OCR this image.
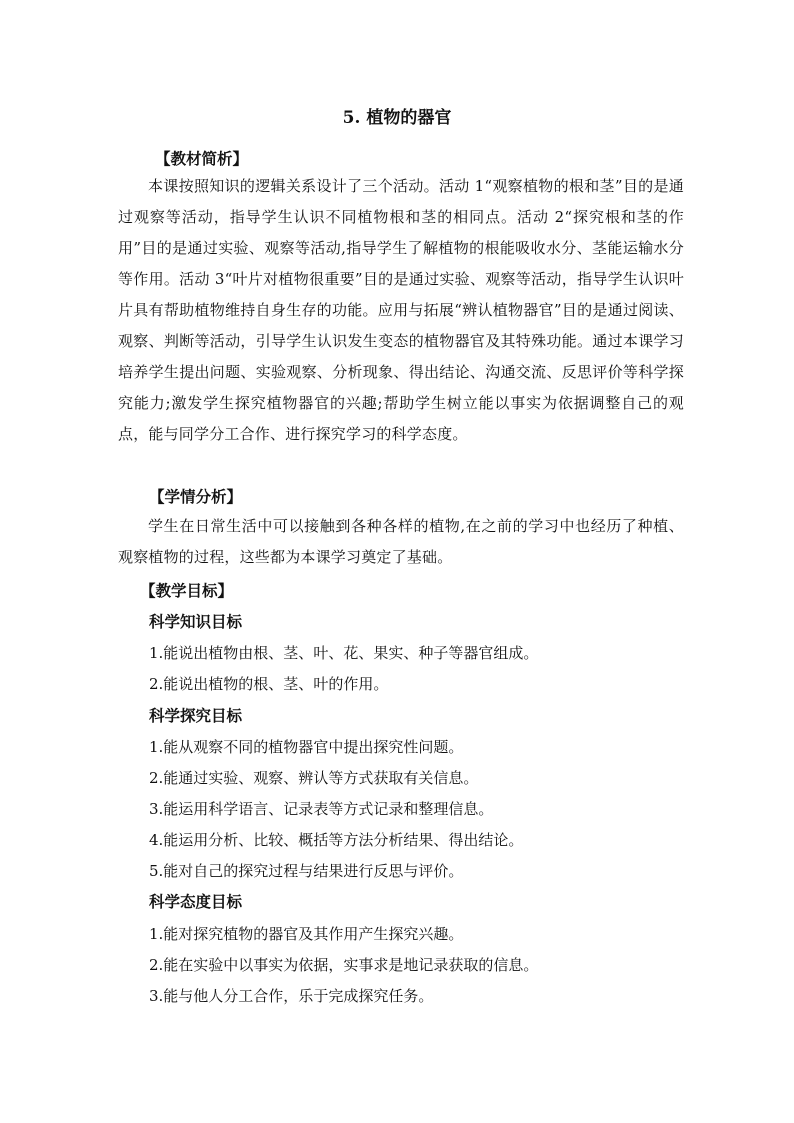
5. 植物的器官
【教材简析】
本课按照知识的逻辑关系设计了三个活动。活动 1“观察植物的根和茎”目的是通过观察等活动，指导学生认识不同植物根和茎的相同点。活动 2“探究根和茎的作用”目的是通过实验、观察等活动,指导学生了解植物的根能吸收水分、茎能运输水分等作用。活动 3“叶片对植物很重要”目的是通过实验、观察等活动，指导学生认识叶片具有帮助植物维持自身生存的功能。应用与拓展“辨认植物器官”目的是通过阅读、观察、判断等活动，引导学生认识发生变态的植物器官及其特殊功能。通过本课学习培养学生提出问题、实验观察、分析现象、得出结论、沟通交流、反思评价等科学探究能力;激发学生探究植物器官的兴趣;帮助学生树立能以事实为依据调整自己的观点，能与同学分工合作、进行探究学习的科学态度。
【学情分析】
学生在日常生活中可以接触到各种各样的植物,在之前的学习中也经历了种植、观察植物的过程，这些都为本课学习奠定了基础。
【教学目标】
科学知识目标
1.能说出植物由根、茎、叶、花、果实、种子等器官组成。
2.能说出植物的根、茎、叶的作用。
科学探究目标
1.能从观察不同的植物器官中提出探究性问题。
2.能通过实验、观察、辨认等方式获取有关信息。
3.能运用科学语言、记录表等方式记录和整理信息。
4.能运用分析、比较、概括等方法分析结果、得出结论。
5.能对自己的探究过程与结果进行反思与评价。
科学态度目标
1.能对探究植物的器官及其作用产生探究兴趣。
2.能在实验中以事实为依据，实事求是地记录获取的信息。
3.能与他人分工合作，乐于完成探究任务。
